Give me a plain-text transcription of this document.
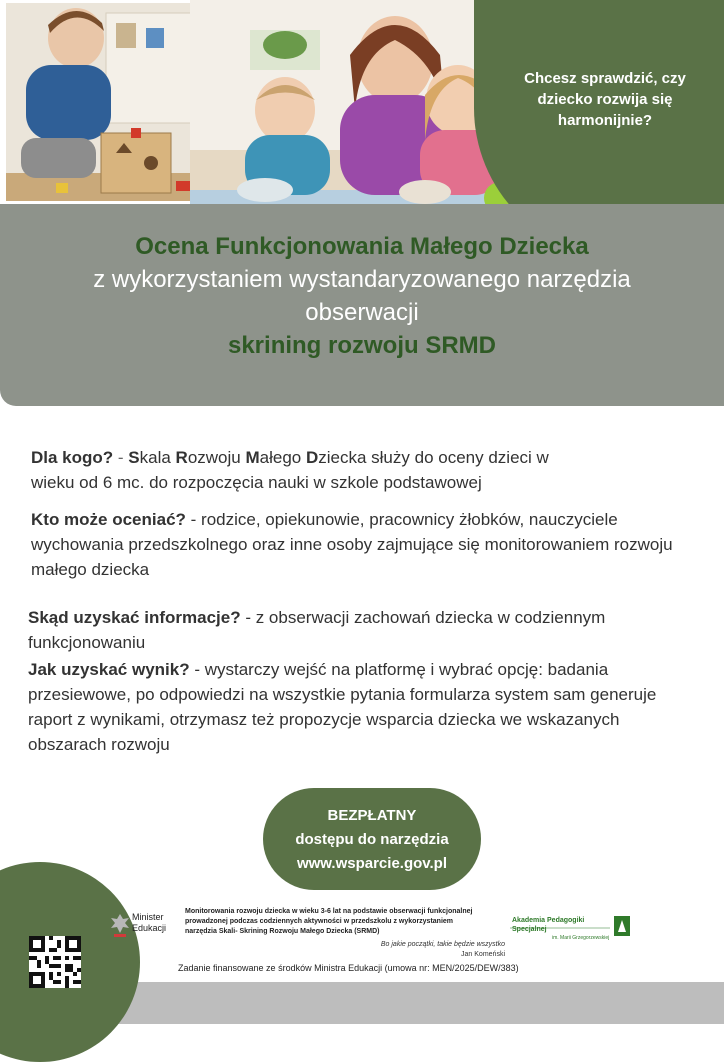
Chcesz sprawdzić, czy dziecko rozwija się harmonijnie?
Ocena Funkcjonowania Małego Dziecka
z wykorzystaniem wystandaryzowanego narzędzia
obserwacji
skrining rozwoju SRMD
Dla kogo? - Skala Rozwoju Małego Dziecka służy do oceny dzieci w wieku od 6 mc. do rozpoczęcia nauki w szkole podstawowej
Kto może oceniać? - rodzice, opiekunowie, pracownicy żłobków, nauczyciele wychowania przedszkolnego oraz inne osoby zajmujące się monitorowaniem rozwoju małego dziecka
Skąd uzyskać informacje? - z obserwacji zachowań dziecka w codziennym funkcjonowaniu
Jak uzyskać wynik? - wystarczy wejść na platformę i wybrać opcję: badania przesiewowe, po odpowiedzi na wszystkie pytania formularza system sam generuje raport z wynikami, otrzymasz też propozycje wsparcia dziecka we wskazanych obszarach rozwoju
BEZPŁATNY
dostępu do narzędzia
www.wsparcie.gov.pl
Minister
Edukacji
Monitorowania rozwoju dziecka w wieku 3-6 lat na podstawie obserwacji funkcjonalnej prowadzonej podczas codziennych aktywności w przedszkolu z wykorzystaniem narzędzia Skali- Skrining Rozwoju Małego Dziecka (SRMD)
Bo jakie początki, takie będzie wszystko
Jan Komeński
Zadanie finansowane ze środków Ministra Edukacji (umowa nr: MEN/2025/DEW/383)
Akademia Pedagogiki Specjalnej
im. Marii Grzegorzewskiej
